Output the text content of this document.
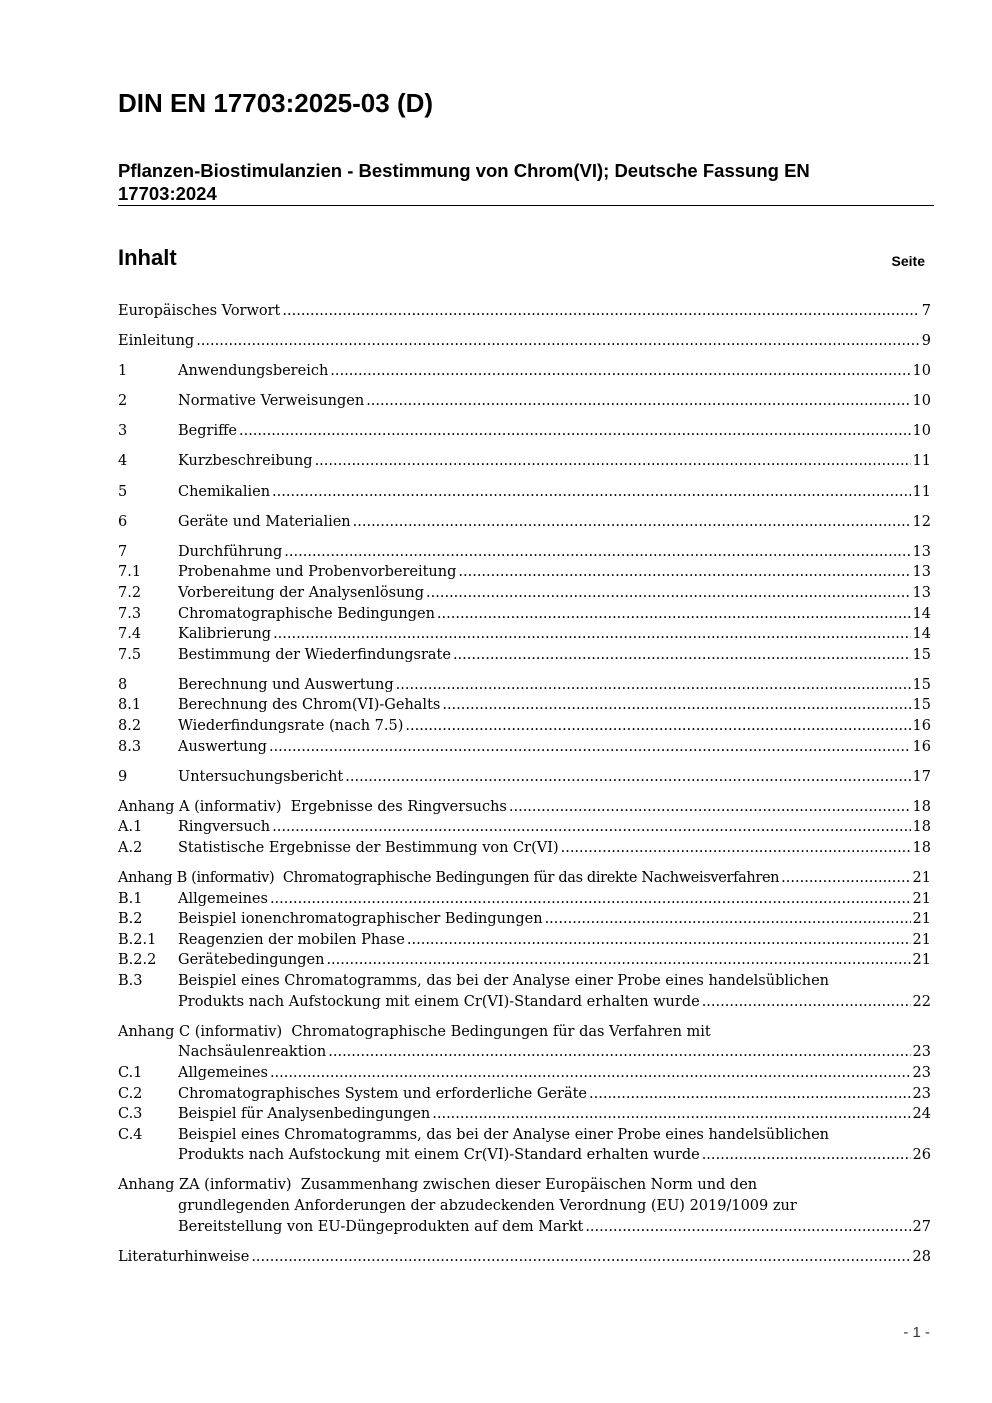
DIN EN 17703:2025-03 (D)

Pflanzen-Biostimulanzien - Bestimmung von Chrom(VI); Deutsche Fassung EN 17703:2024

Inhalt	Seite
Europäisches Vorwort .....	7
Einleitung .....	9
1	Anwendungsbereich .....	10
2	Normative Verweisungen .....	10
3	Begriffe .....	10
4	Kurzbeschreibung .....	11
5	Chemikalien .....	11
6	Geräte und Materialien .....	12
7	Durchführung .....	13
7.1	Probenahme und Probenvorbereitung .....	13
7.2	Vorbereitung der Analysenlösung .....	13
7.3	Chromatographische Bedingungen .....	14
7.4	Kalibrierung .....	14
7.5	Bestimmung der Wiederfindungsrate .....	15
8	Berechnung und Auswertung .....	15
8.1	Berechnung des Chrom(VI)-Gehalts .....	15
8.2	Wiederfindungsrate (nach 7.5) .....	16
8.3	Auswertung .....	16
9	Untersuchungsbericht .....	17
Anhang A (informativ)  Ergebnisse des Ringversuchs .....	18
A.1	Ringversuch .....	18
A.2	Statistische Ergebnisse der Bestimmung von Cr(VI) .....	18
Anhang B (informativ)  Chromatographische Bedingungen für das direkte Nachweisverfahren .....	21
B.1	Allgemeines .....	21
B.2	Beispiel ionenchromatographischer Bedingungen .....	21
B.2.1	Reagenzien der mobilen Phase .....	21
B.2.2	Gerätebedingungen .....	21
B.3	Beispiel eines Chromatogramms, das bei der Analyse einer Probe eines handelsüblichen
Produkts nach Aufstockung mit einem Cr(VI)-Standard erhalten wurde .....	22
Anhang C (informativ)  Chromatographische Bedingungen für das Verfahren mit
Nachsäulenreaktion .....	23
C.1	Allgemeines .....	23
C.2	Chromatographisches System und erforderliche Geräte .....	23
C.3	Beispiel für Analysenbedingungen .....	24
C.4	Beispiel eines Chromatogramms, das bei der Analyse einer Probe eines handelsüblichen
Produkts nach Aufstockung mit einem Cr(VI)-Standard erhalten wurde .....	26
Anhang ZA (informativ)  Zusammenhang zwischen dieser Europäischen Norm und den
grundlegenden Anforderungen der abzudeckenden Verordnung (EU) 2019/1009 zur
Bereitstellung von EU-Düngeprodukten auf dem Markt .....	27
Literaturhinweise .....	28
- 1 -
